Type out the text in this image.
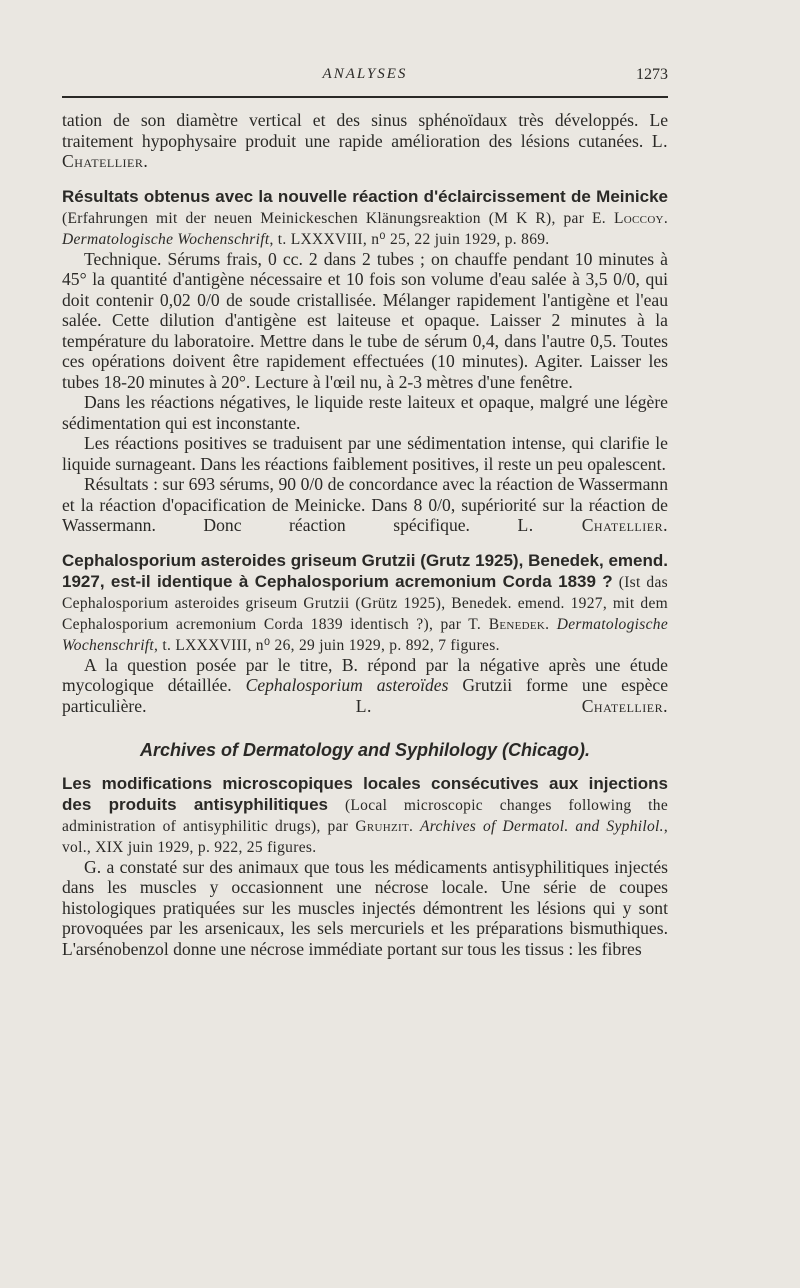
ANALYSES	1273

tation de son diamètre vertical et des sinus sphénoïdaux très développés. Le traitement hypophysaire produit une rapide amélioration des lésions cutanées. L. Chatellier.

Résultats obtenus avec la nouvelle réaction d'éclaircissement de Meinicke (Erfahrungen mit der neuen Meinickeschen Klänungsreaktion (M K R), par E. Loccoy. Dermatologische Wochenschrift, t. LXXXVIII, n⁰ 25, 22 juin 1929, p. 869.

Technique. Sérums frais, 0 cc. 2 dans 2 tubes ; on chauffe pendant 10 minutes à 45° la quantité d'antigène nécessaire et 10 fois son volume d'eau salée à 3,5 0/0, qui doit contenir 0,02 0/0 de soude cristallisée. Mélanger rapidement l'antigène et l'eau salée. Cette dilution d'antigène est laiteuse et opaque. Laisser 2 minutes à la température du laboratoire. Mettre dans le tube de sérum 0,4, dans l'autre 0,5. Toutes ces opérations doivent être rapidement effectuées (10 minutes). Agiter. Laisser les tubes 18-20 minutes à 20°. Lecture à l'œil nu, à 2-3 mètres d'une fenêtre.

Dans les réactions négatives, le liquide reste laiteux et opaque, malgré une légère sédimentation qui est inconstante.

Les réactions positives se traduisent par une sédimentation intense, qui clarifie le liquide surnageant. Dans les réactions faiblement positives, il reste un peu opalescent.

Résultats : sur 693 sérums, 90 0/0 de concordance avec la réaction de Wassermann et la réaction d'opacification de Meinicke. Dans 8 0/0, supériorité sur la réaction de Wassermann. Donc réaction spécifique.	L. Chatellier.

Cephalosporium asteroides griseum Grutzii (Grutz 1925), Benedek, emend. 1927, est-il identique à Cephalosporium acremonium Corda 1839 ? (Ist das Cephalosporium asteroides griseum Grutzii (Grütz 1925), Benedek. emend. 1927, mit dem Cephalosporium acremonium Corda 1839 identisch ?), par T. Benedek. Dermatologische Wochenschrift, t. LXXXVIII, n⁰ 26, 29 juin 1929, p. 892, 7 figures.

A la question posée par le titre, B. répond par la négative après une étude mycologique détaillée. Cephalosporium asteroïdes Grutzii forme une espèce particulière.	L. Chatellier.

Archives of Dermatology and Syphilology (Chicago).

Les modifications microscopiques locales consécutives aux injections des produits antisyphilitiques (Local microscopic changes following the administration of antisyphilitic drugs), par Gruhzit. Archives of Dermatol. and Syphilol., vol., XIX juin 1929, p. 922, 25 figures.

G. a constaté sur des animaux que tous les médicaments antisyphilitiques injectés dans les muscles y occasionnent une nécrose locale. Une série de coupes histologiques pratiquées sur les muscles injectés démontrent les lésions qui y sont provoquées par les arsenicaux, les sels mercuriels et les préparations bismuthiques. L'arsénobenzol donne une nécrose immédiate portant sur tous les tissus : les fibres
